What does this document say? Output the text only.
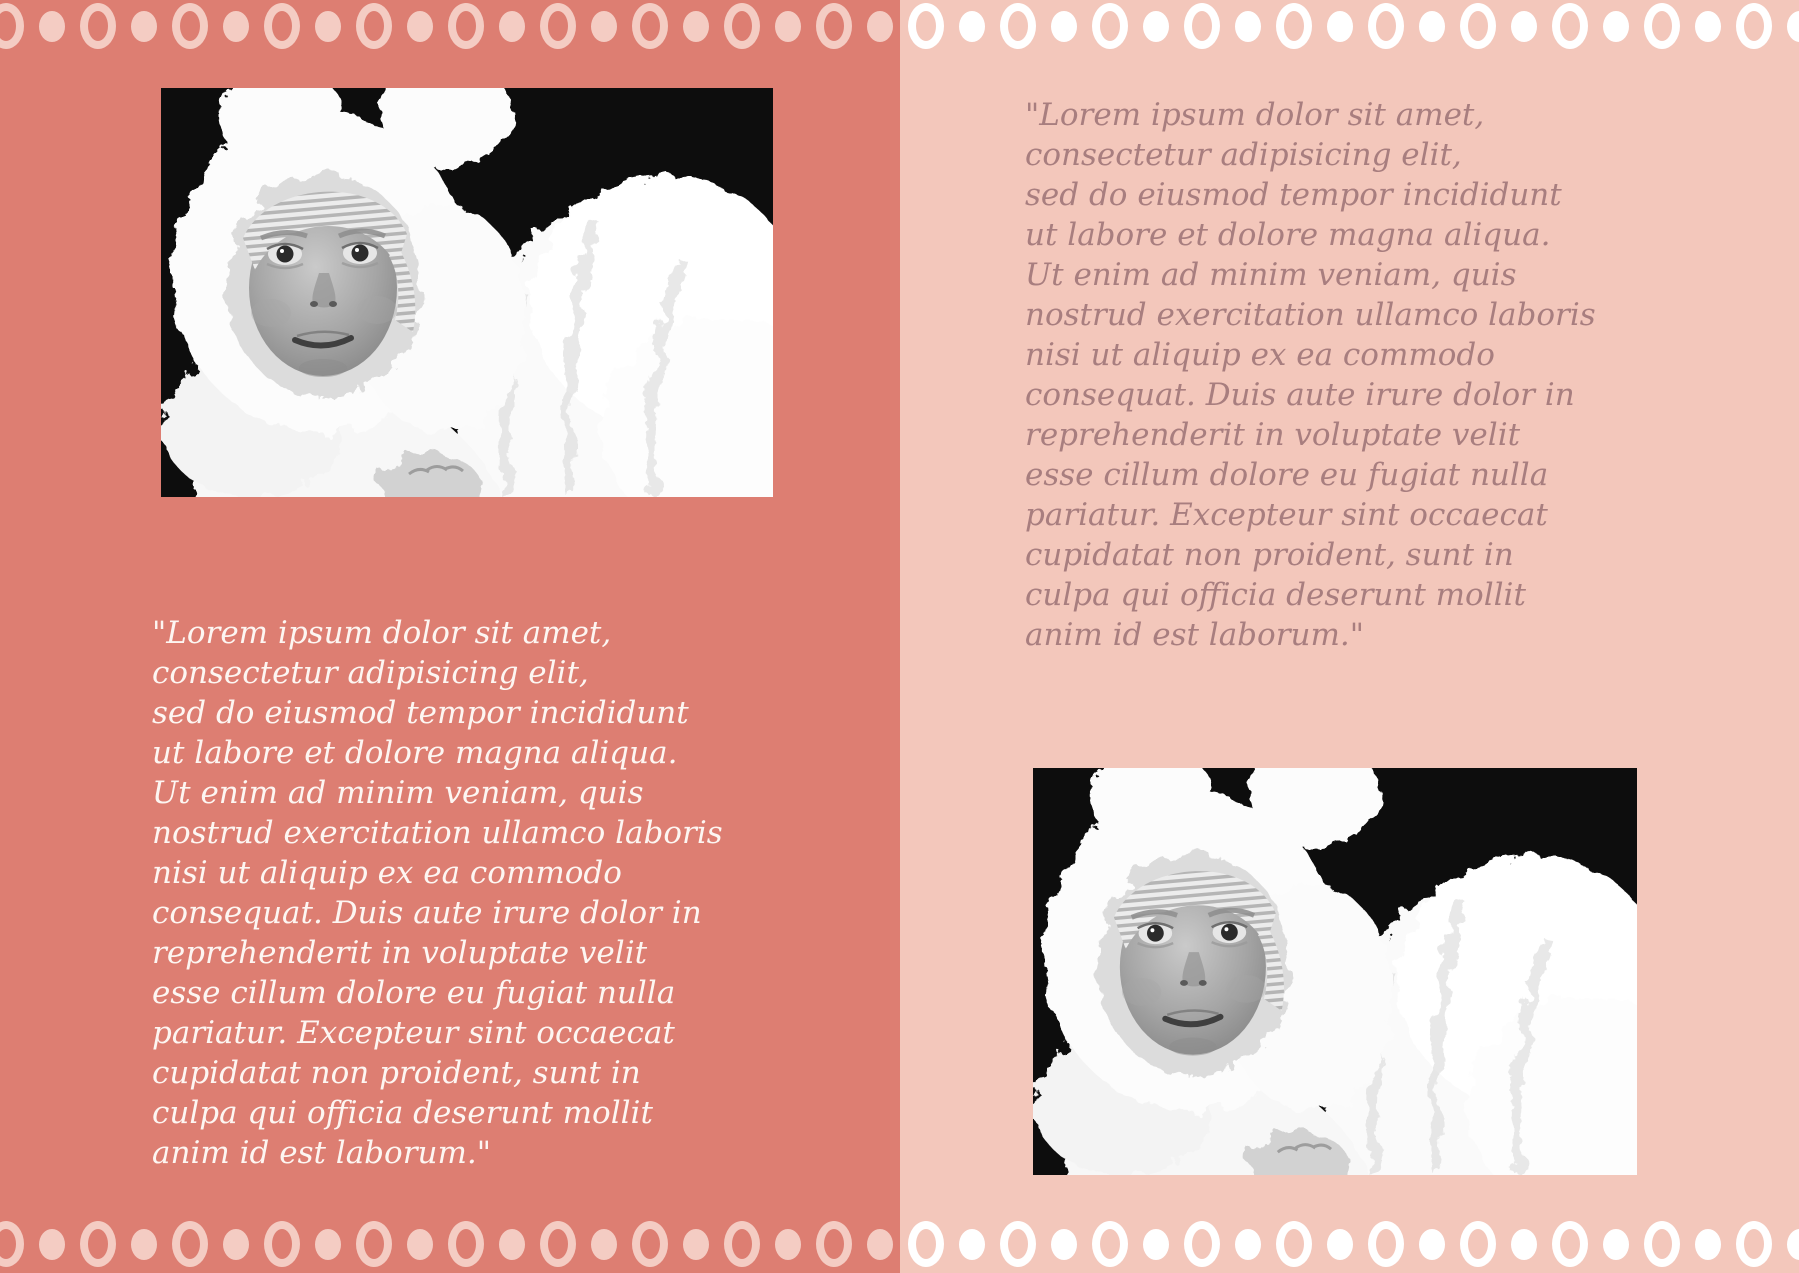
"Lorem ipsum dolor sit amet,
consectetur adipisicing elit,
sed do eiusmod tempor incididunt
ut labore et dolore magna aliqua.
Ut enim ad minim veniam, quis
nostrud exercitation ullamco laboris
nisi ut aliquip ex ea commodo
consequat. Duis aute irure dolor in
reprehenderit in voluptate velit
esse cillum dolore eu fugiat nulla
pariatur. Excepteur sint occaecat
cupidatat non proident, sunt in
culpa qui officia deserunt mollit
anim id est laborum."
"Lorem ipsum dolor sit amet,
consectetur adipisicing elit,
sed do eiusmod tempor incididunt
ut labore et dolore magna aliqua.
Ut enim ad minim veniam, quis
nostrud exercitation ullamco laboris
nisi ut aliquip ex ea commodo
consequat. Duis aute irure dolor in
reprehenderit in voluptate velit
esse cillum dolore eu fugiat nulla
pariatur. Excepteur sint occaecat
cupidatat non proident, sunt in
culpa qui officia deserunt mollit
anim id est laborum."
